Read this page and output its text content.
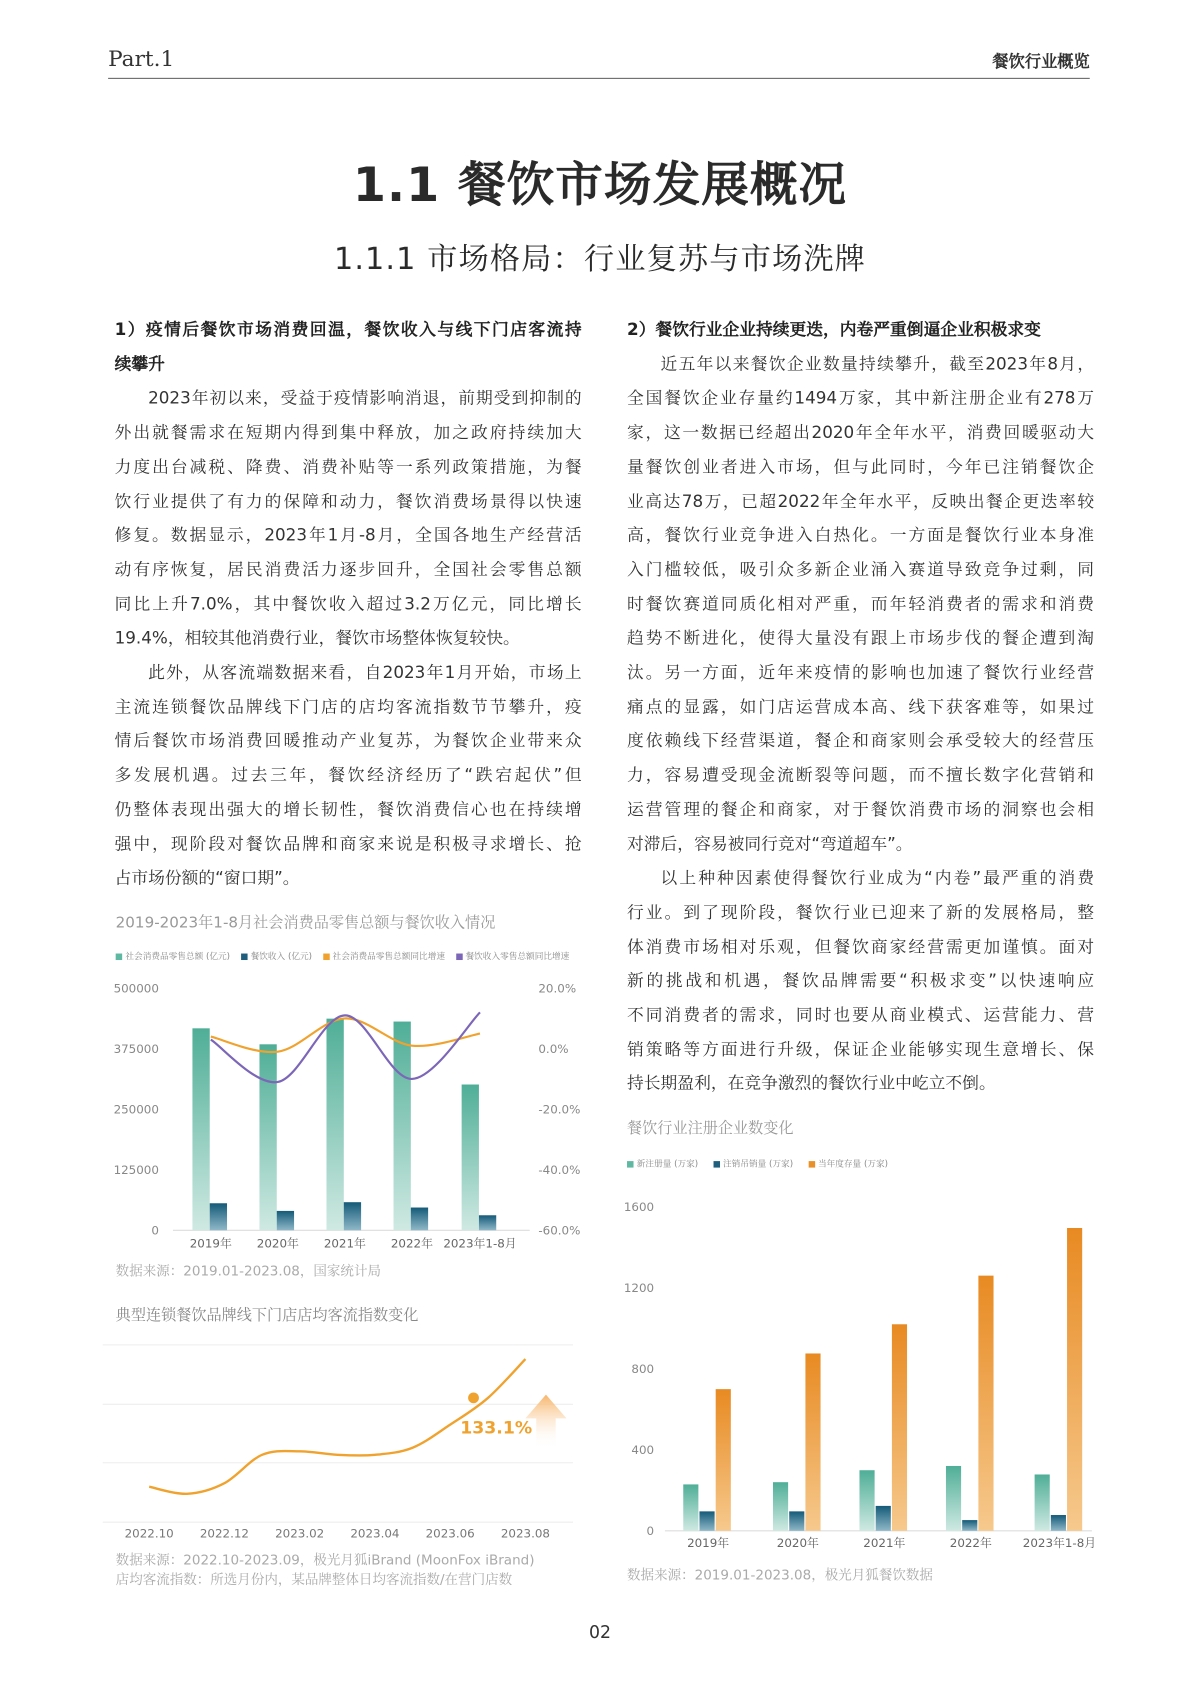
Part.1	餐饮行业概览
1.1 餐饮市场发展概况
1.1.1 市场格局：行业复苏与市场洗牌
1）疫情后餐饮市场消费回温，餐饮收入与线下门店客流持
续攀升
2023年初以来，受益于疫情影响消退，前期受到抑制的
外出就餐需求在短期内得到集中释放，加之政府持续加大
力度出台减税、降费、消费补贴等一系列政策措施，为餐
饮行业提供了有力的保障和动力，餐饮消费场景得以快速
修复。数据显示，2023年1月-8月，全国各地生产经营活
动有序恢复，居民消费活力逐步回升，全国社会零售总额
同比上升7.0%，其中餐饮收入超过3.2万亿元，同比增长
19.4%，相较其他消费行业，餐饮市场整体恢复较快。
此外，从客流端数据来看，自2023年1月开始，市场上
主流连锁餐饮品牌线下门店的店均客流指数节节攀升，疫
情后餐饮市场消费回暖推动产业复苏，为餐饮企业带来众
多发展机遇。过去三年，餐饮经济经历了“跌宕起伏”但
仍整体表现出强大的增长韧性，餐饮消费信心也在持续增
强中，现阶段对餐饮品牌和商家来说是积极寻求增长、抢
占市场份额的“窗口期”。
2）餐饮行业企业持续更迭，内卷严重倒逼企业积极求变
近五年以来餐饮企业数量持续攀升，截至2023年8月，
全国餐饮企业存量约1494万家，其中新注册企业有278万
家，这一数据已经超出2020年全年水平，消费回暖驱动大
量餐饮创业者进入市场，但与此同时，今年已注销餐饮企
业高达78万，已超2022年全年水平，反映出餐企更迭率较
高，餐饮行业竞争进入白热化。一方面是餐饮行业本身准
入门槛较低，吸引众多新企业涌入赛道导致竞争过剩，同
时餐饮赛道同质化相对严重，而年轻消费者的需求和消费
趋势不断进化，使得大量没有跟上市场步伐的餐企遭到淘
汰。另一方面，近年来疫情的影响也加速了餐饮行业经营
痛点的显露，如门店运营成本高、线下获客难等，如果过
度依赖线下经营渠道，餐企和商家则会承受较大的经营压
力，容易遭受现金流断裂等问题，而不擅长数字化营销和
运营管理的餐企和商家，对于餐饮消费市场的洞察也会相
对滞后，容易被同行竞对“弯道超车”。
以上种种因素使得餐饮行业成为“内卷”最严重的消费
行业。到了现阶段，餐饮行业已迎来了新的发展格局，整
体消费市场相对乐观，但餐饮商家经营需更加谨慎。面对
新的挑战和机遇，餐饮品牌需要“积极求变”以快速响应
不同消费者的需求，同时也要从商业模式、运营能力、营
销策略等方面进行升级，保证企业能够实现生意增长、保
持长期盈利，在竞争激烈的餐饮行业中屹立不倒。
2019-2023年1-8月社会消费品零售总额与餐饮收入情况
社会消费品零售总额 (亿元)	餐饮收入 (亿元)	社会消费品零售总额同比增速	餐饮收入零售总额同比增速
数据来源：2019.01-2023.08，国家统计局
典型连锁餐饮品牌线下门店店均客流指数变化
数据来源：2022.10-2023.09，极光月狐iBrand (MoonFox iBrand)
店均客流指数：所选月份内，某品牌整体日均客流指数/在营门店数
餐饮行业注册企业数变化
新注册量 (万家)	注销吊销量 (万家)	当年度存量 (万家)
数据来源：2019.01-2023.08，极光月狐餐饮数据
500000	20.0%
375000	0.0%
250000	-20.0%
125000	-40.0%
0	-60.0%
2019年 2020年 2021年 2022年 2023年1-8月
2022.10 2022.12 2023.02 2023.04 2023.06 2023.08
133.1%
1600
1200
800
400
0
2019年	2020年	2021年	2022年	2023年1-8月
02
